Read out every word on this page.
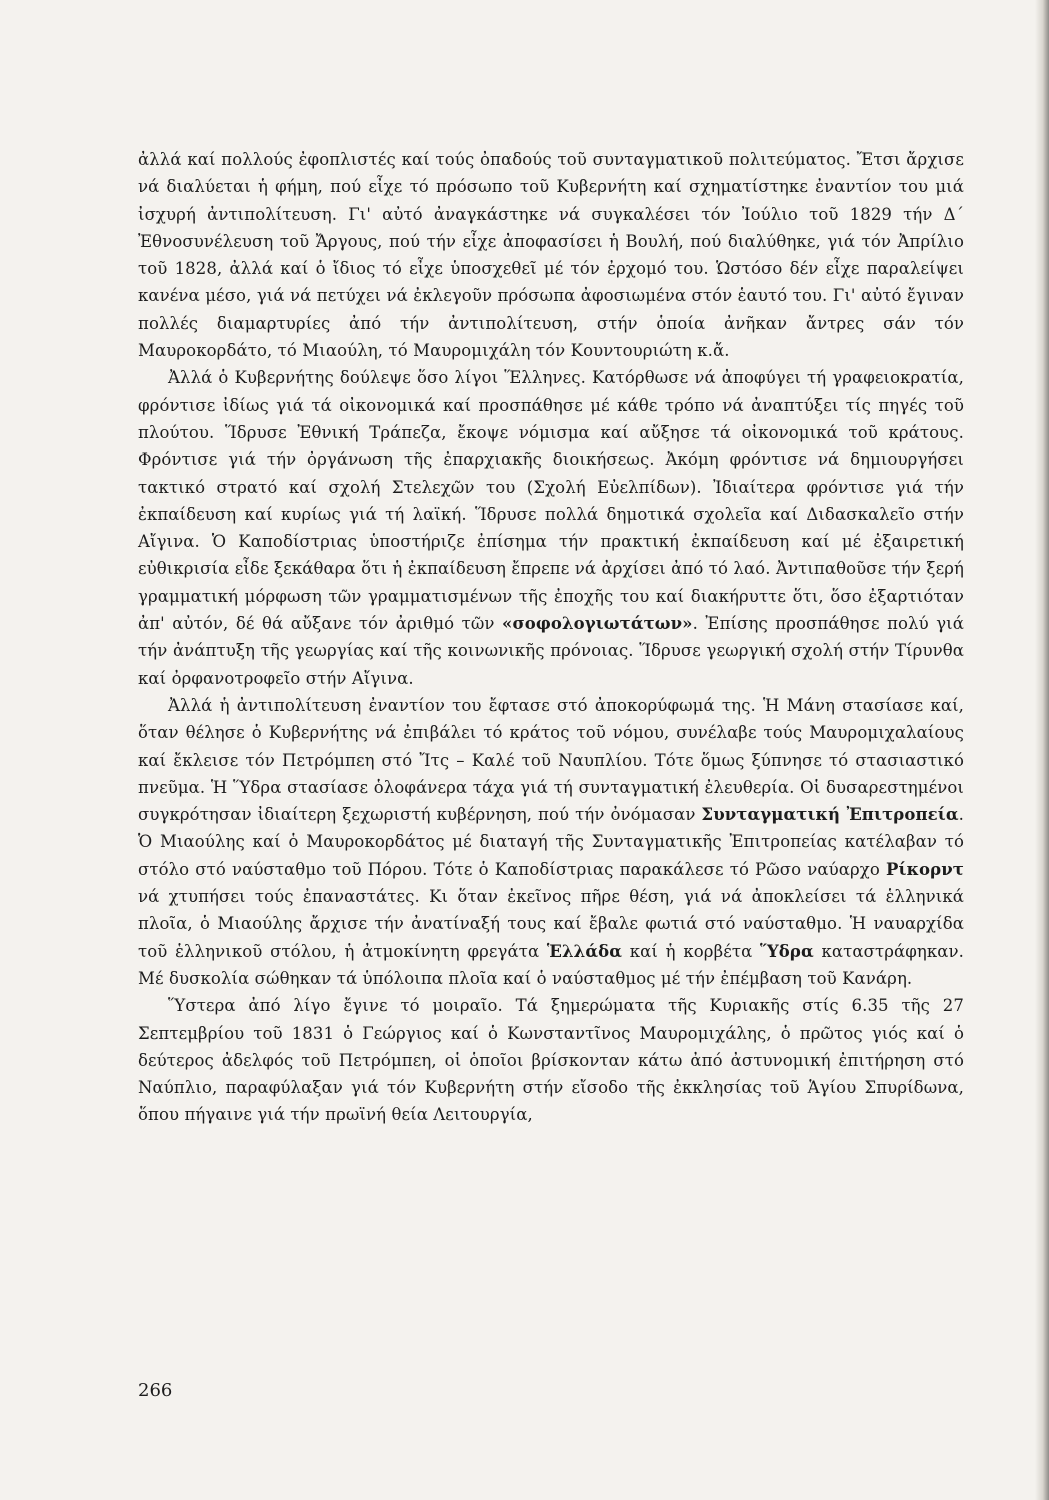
ἀλλά καί πολλούς ἐφοπλιστές καί τούς ὀπαδούς τοῦ συνταγματικοῦ πολιτεύματος. Ἔτσι ἄρχισε νά διαλύεται ἡ φήμη, πού εἶχε τό πρόσωπο τοῦ Κυβερνήτη καί σχηματίστηκε ἐναντίον του μιά ἰσχυρή ἀντιπολίτευση. Γι' αὐτό ἀναγκάστηκε νά συγκαλέσει τόν Ἰούλιο τοῦ 1829 τήν Δ΄ Ἐθνοσυνέλευση τοῦ Ἄργους, πού τήν εἶχε ἀποφασίσει ἡ Βουλή, πού διαλύθηκε, γιά τόν Ἀπρίλιο τοῦ 1828, ἀλλά καί ὁ ἴδιος τό εἶχε ὑποσχεθεῖ μέ τόν ἐρχομό του. Ὡστόσο δέν εἶχε παραλείψει κανένα μέσο, γιά νά πετύχει νά ἐκλεγοῦν πρόσωπα ἀφοσιωμένα στόν ἑαυτό του. Γι' αὐτό ἔγιναν πολλές διαμαρτυρίες ἀπό τήν ἀντιπολίτευση, στήν ὁποία ἀνῆκαν ἄντρες σάν τόν Μαυροκορδάτο, τό Μιαούλη, τό Μαυρομιχάλη τόν Κουντουριώτη κ.ἄ.

Ἀλλά ὁ Κυβερνήτης δούλεψε ὅσο λίγοι Ἕλληνες. Κατόρθωσε νά ἀποφύγει τή γραφειοκρατία, φρόντισε ἰδίως γιά τά οἰκονομικά καί προσπάθησε μέ κάθε τρόπο νά ἀναπτύξει τίς πηγές τοῦ πλούτου. Ἵδρυσε Ἐθνική Τράπεζα, ἔκοψε νόμισμα καί αὔξησε τά οἰκονομικά τοῦ κράτους. Φρόντισε γιά τήν ὀργάνωση τῆς ἐπαρχιακῆς διοικήσεως. Ἀκόμη φρόντισε νά δημιουργήσει τακτικό στρατό καί σχολή Στελεχῶν του (Σχολή Εὐελπίδων). Ἰδιαίτερα φρόντισε γιά τήν ἐκπαίδευση καί κυρίως γιά τή λαϊκή. Ἵδρυσε πολλά δημοτικά σχολεῖα καί Διδασκαλεῖο στήν Αἴγινα. Ὁ Καποδίστριας ὑποστήριζε ἐπίσημα τήν πρακτική ἐκπαίδευση καί μέ ἐξαιρετική εὐθικρισία εἶδε ξεκάθαρα ὅτι ἡ ἐκπαίδευση ἔπρεπε νά ἀρχίσει ἀπό τό λαό. Ἀντιπαθοῦσε τήν ξερή γραμματική μόρφωση τῶν γραμματισμένων τῆς ἐποχῆς του καί διακήρυττε ὅτι, ὅσο ἐξαρτιόταν ἀπ' αὐτόν, δέ θά αὔξανε τόν ἀριθμό τῶν «σοφολογιωτάτων». Ἐπίσης προσπάθησε πολύ γιά τήν ἀνάπτυξη τῆς γεωργίας καί τῆς κοινωνικῆς πρόνοιας. Ἵδρυσε γεωργική σχολή στήν Τίρυνθα καί ὀρφανοτροφεῖο στήν Αἴγινα.

Ἀλλά ἡ ἀντιπολίτευση ἐναντίον του ἔφτασε στό ἀποκορύφωμά της. Ἡ Μάνη στασίασε καί, ὅταν θέλησε ὁ Κυβερνήτης νά ἐπιβάλει τό κράτος τοῦ νόμου, συνέλαβε τούς Μαυρομιχαλαίους καί ἔκλεισε τόν Πετρόμπεη στό Ἴτς – Καλέ τοῦ Ναυπλίου. Τότε ὅμως ξύπνησε τό στασιαστικό πνεῦμα. Ἡ Ὕδρα στασίασε ὁλοφάνερα τάχα γιά τή συνταγματική ἐλευθερία. Οἱ δυσαρεστημένοι συγκρότησαν ἰδιαίτερη ξεχωριστή κυβέρνηση, πού τήν ὀνόμασαν Συνταγματική Ἐπιτροπεία. Ὁ Μιαούλης καί ὁ Μαυροκορδάτος μέ διαταγή τῆς Συνταγματικῆς Ἐπιτροπείας κατέλαβαν τό στόλο στό ναύσταθμο τοῦ Πόρου. Τότε ὁ Καποδίστριας παρακάλεσε τό Ρῶσο ναύαρχο Ρίκορντ νά χτυπήσει τούς ἐπαναστάτες. Κι ὅταν ἐκεῖνος πῆρε θέση, γιά νά ἀποκλείσει τά ἑλληνικά πλοῖα, ὁ Μιαούλης ἄρχισε τήν ἀνατίναξή τους καί ἔβαλε φωτιά στό ναύσταθμο. Ἡ ναυαρχίδα τοῦ ἑλληνικοῦ στόλου, ἡ ἀτμοκίνητη φρεγάτα Ἑλλάδα καί ἡ κορβέτα Ὕδρα καταστράφηκαν. Μέ δυσκολία σώθηκαν τά ὑπόλοιπα πλοῖα καί ὁ ναύσταθμος μέ τήν ἐπέμβαση τοῦ Κανάρη.

Ὕστερα ἀπό λίγο ἔγινε τό μοιραῖο. Τά ξημερώματα τῆς Κυριακῆς στίς 6.35 τῆς 27 Σεπτεμβρίου τοῦ 1831 ὁ Γεώργιος καί ὁ Κωνσταντῖνος Μαυρομιχάλης, ὁ πρῶτος γιός καί ὁ δεύτερος ἀδελφός τοῦ Πετρόμπεη, οἱ ὁποῖοι βρίσκονταν κάτω ἀπό ἀστυνομική ἐπιτήρηση στό Ναύπλιο, παραφύλαξαν γιά τόν Κυβερνήτη στήν εἴσοδο τῆς ἐκκλησίας τοῦ Ἁγίου Σπυρίδωνα, ὅπου πήγαινε γιά τήν πρωϊνή θεία Λειτουργία,

266
